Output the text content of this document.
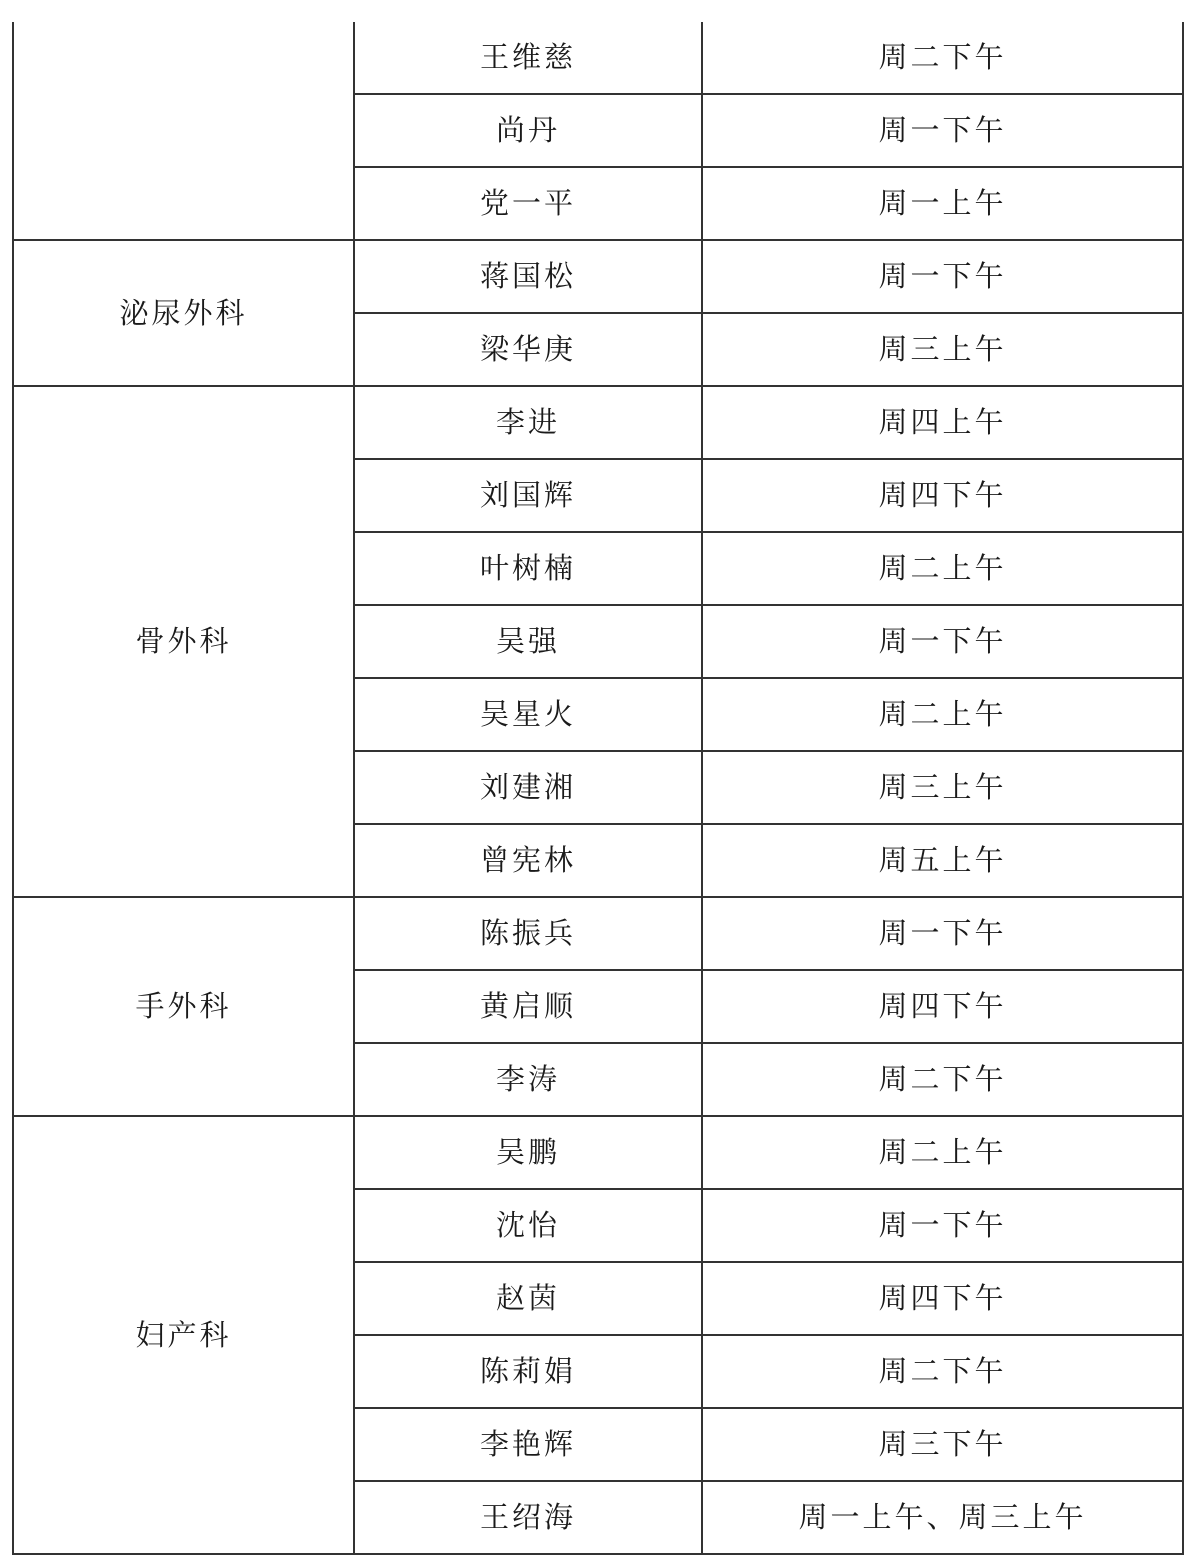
	王维慈	周二下午
	尚丹	周一下午
	党一平	周一上午
泌尿外科	蒋国松	周一下午
	梁华庚	周三上午
骨外科	李进	周四上午
	刘国辉	周四下午
	叶树楠	周二上午
	吴强	周一下午
	吴星火	周二上午
	刘建湘	周三上午
	曾宪林	周五上午
手外科	陈振兵	周一下午
	黄启顺	周四下午
	李涛	周二下午
妇产科	吴鹏	周二上午
	沈怡	周一下午
	赵茵	周四下午
	陈莉娟	周二下午
	李艳辉	周三下午
	王绍海	周一上午、周三上午
